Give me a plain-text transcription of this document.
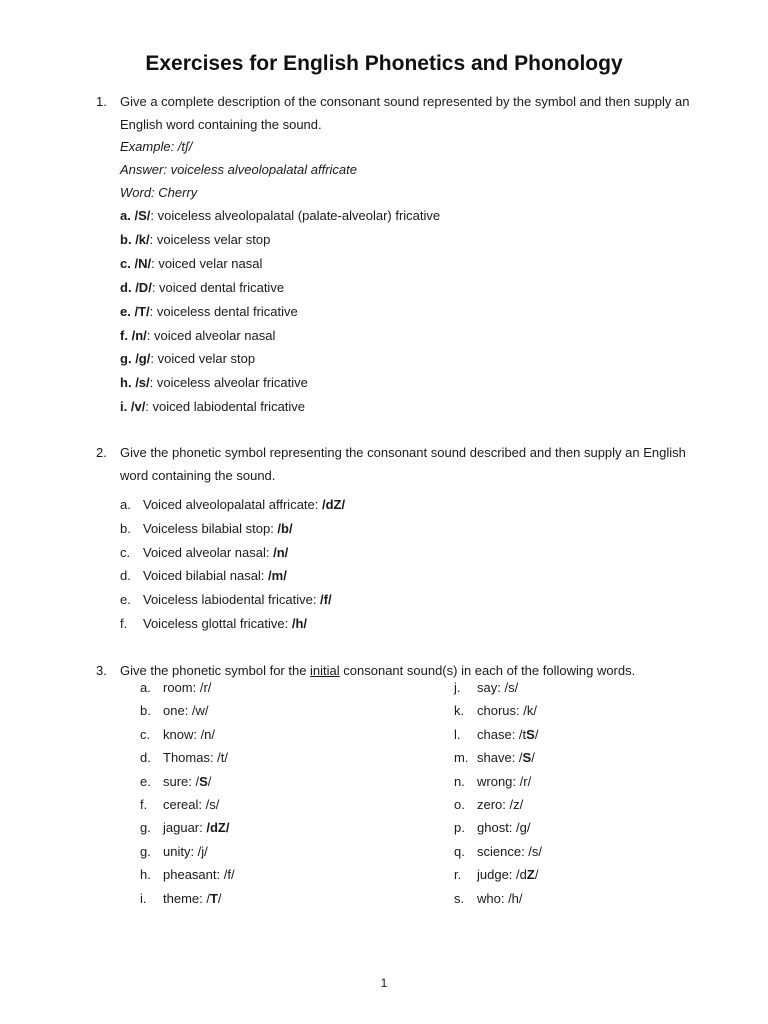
Exercises for English Phonetics and Phonology
1.	Give a complete description of the consonant sound represented by the symbol and then supply an English word containing the sound.
Example: /tʃ/
Answer: voiceless alveolopalatal affricate
Word: Cherry
a. /S/: voiceless alveolopalatal (palate-alveolar) fricative
b. /k/: voiceless velar stop
c. /N/: voiced velar nasal
d. /D/: voiced dental fricative
e. /T/: voiceless dental fricative
f. /n/: voiced alveolar nasal
g. /g/: voiced velar stop
h. /s/: voiceless alveolar fricative
i. /v/: voiced labiodental fricative
2.	Give the phonetic symbol representing the consonant sound described and then supply an English word containing the sound.
a. Voiced alveolopalatal affricate: /dZ/
b. Voiceless bilabial stop: /b/
c. Voiced alveolar nasal: /n/
d. Voiced bilabial nasal: /m/
e. Voiceless labiodental fricative: /f/
f.	Voiceless glottal fricative: /h/
3.	Give the phonetic symbol for the initial consonant sound(s) in each of the following words.
a. room: /r/
b. one: /w/
c. know: /n/
d. Thomas: /t/
e. sure: /S/
f. cereal: /s/
g. jaguar: /dZ/
g. unity: /j/
h. pheasant: /f/
i. theme: /T/
j. say: /s/
k. chorus: /k/
l. chase: /tS/
m. shave: /S/
n. wrong: /r/
o. zero: /z/
p. ghost: /g/
q. science: /s/
r. judge: /dZ/
s. who: /h/
1
